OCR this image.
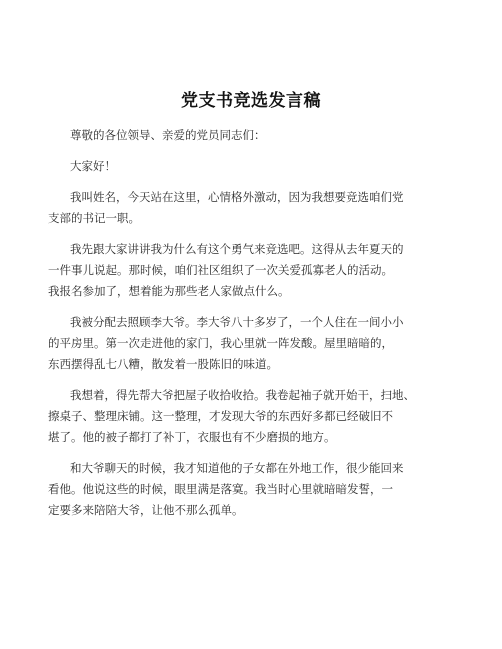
党支书竞选发言稿

尊敬的各位领导、亲爱的党员同志们：

大家好！

我叫姓名，今天站在这里，心情格外激动，因为我想要竞选咱们党
支部的书记一职。

我先跟大家讲讲我为什么有这个勇气来竞选吧。这得从去年夏天的
一件事儿说起。那时候，咱们社区组织了一次关爱孤寡老人的活动。
我报名参加了，想着能为那些老人家做点什么。

我被分配去照顾李大爷。李大爷八十多岁了，一个人住在一间小小
的平房里。第一次走进他的家门，我心里就一阵发酸。屋里暗暗的，
东西摆得乱七八糟，散发着一股陈旧的味道。

我想着，得先帮大爷把屋子收拾收拾。我卷起袖子就开始干，扫地、
擦桌子、整理床铺。这一整理，才发现大爷的东西好多都已经破旧不
堪了。他的被子都打了补丁，衣服也有不少磨损的地方。

和大爷聊天的时候，我才知道他的子女都在外地工作，很少能回来
看他。他说这些的时候，眼里满是落寞。我当时心里就暗暗发誓，一
定要多来陪陪大爷，让他不那么孤单。
